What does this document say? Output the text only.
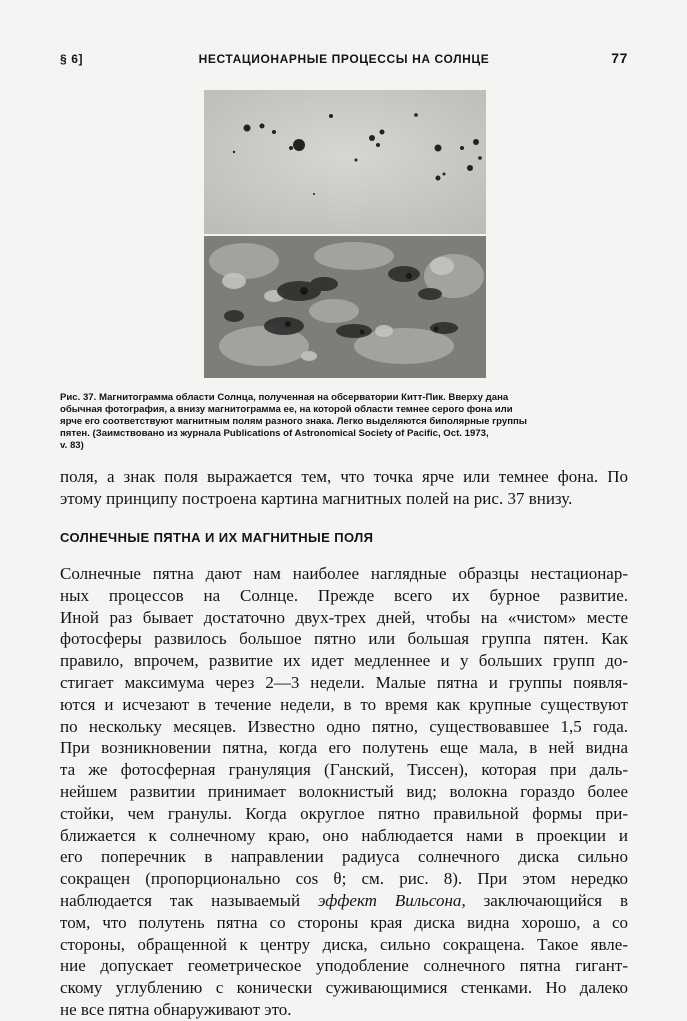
§ 6]	НЕСТАЦИОНАРНЫЕ ПРОЦЕССЫ НА СОЛНЦЕ	77
Рис. 37. Магнитограмма области Солнца, полученная на обсерватории Китт-Пик. Вверху дана
обычная фотография, а внизу магнитограмма ее, на которой области темнее серого фона или
ярче его соответствуют магнитным полям разного знака. Легко выделяются биполярные группы
пятен. (Заимствовано из журнала Publications of Astronomical Society of Pacific, Oct. 1973,
v. 83)
поля, а знак поля выражается тем, что точка ярче или темнее фона. По
этому принципу построена картина магнитных полей на рис. 37 внизу.
СОЛНЕЧНЫЕ ПЯТНА И ИХ МАГНИТНЫЕ ПОЛЯ
Солнечные пятна дают нам наиболее наглядные образцы нестационар-
ных процессов на Солнце. Прежде всего их бурное развитие.
Иной раз бывает достаточно двух-трех дней, чтобы на «чистом» месте
фотосферы развилось большое пятно или большая группа пятен. Как
правило, впрочем, развитие их идет медленнее и у больших групп до-
стигает максимума через 2—3 недели. Малые пятна и группы появля-
ются и исчезают в течение недели, в то время как крупные существуют
по нескольку месяцев. Известно одно пятно, существовавшее 1,5 года.
При возникновении пятна, когда его полутень еще мала, в ней видна
та же фотосферная грануляция (Ганский, Тиссен), которая при даль-
нейшем развитии принимает волокнистый вид; волокна гораздо более
стойки, чем гранулы. Когда округлое пятно правильной формы при-
ближается к солнечному краю, оно наблюдается нами в проекции и
его поперечник в направлении радиуса солнечного диска сильно
сокращен (пропорционально cos θ; см. рис. 8). При этом нередко
наблюдается так называемый эффект Вильсона, заключающийся в
том, что полутень пятна со стороны края диска видна хорошо, а со
стороны, обращенной к центру диска, сильно сокращена. Такое явле-
ние допускает геометрическое уподобление солнечного пятна гигант-
скому углублению с конически суживающимися стенками. Но далеко
не все пятна обнаруживают это.
